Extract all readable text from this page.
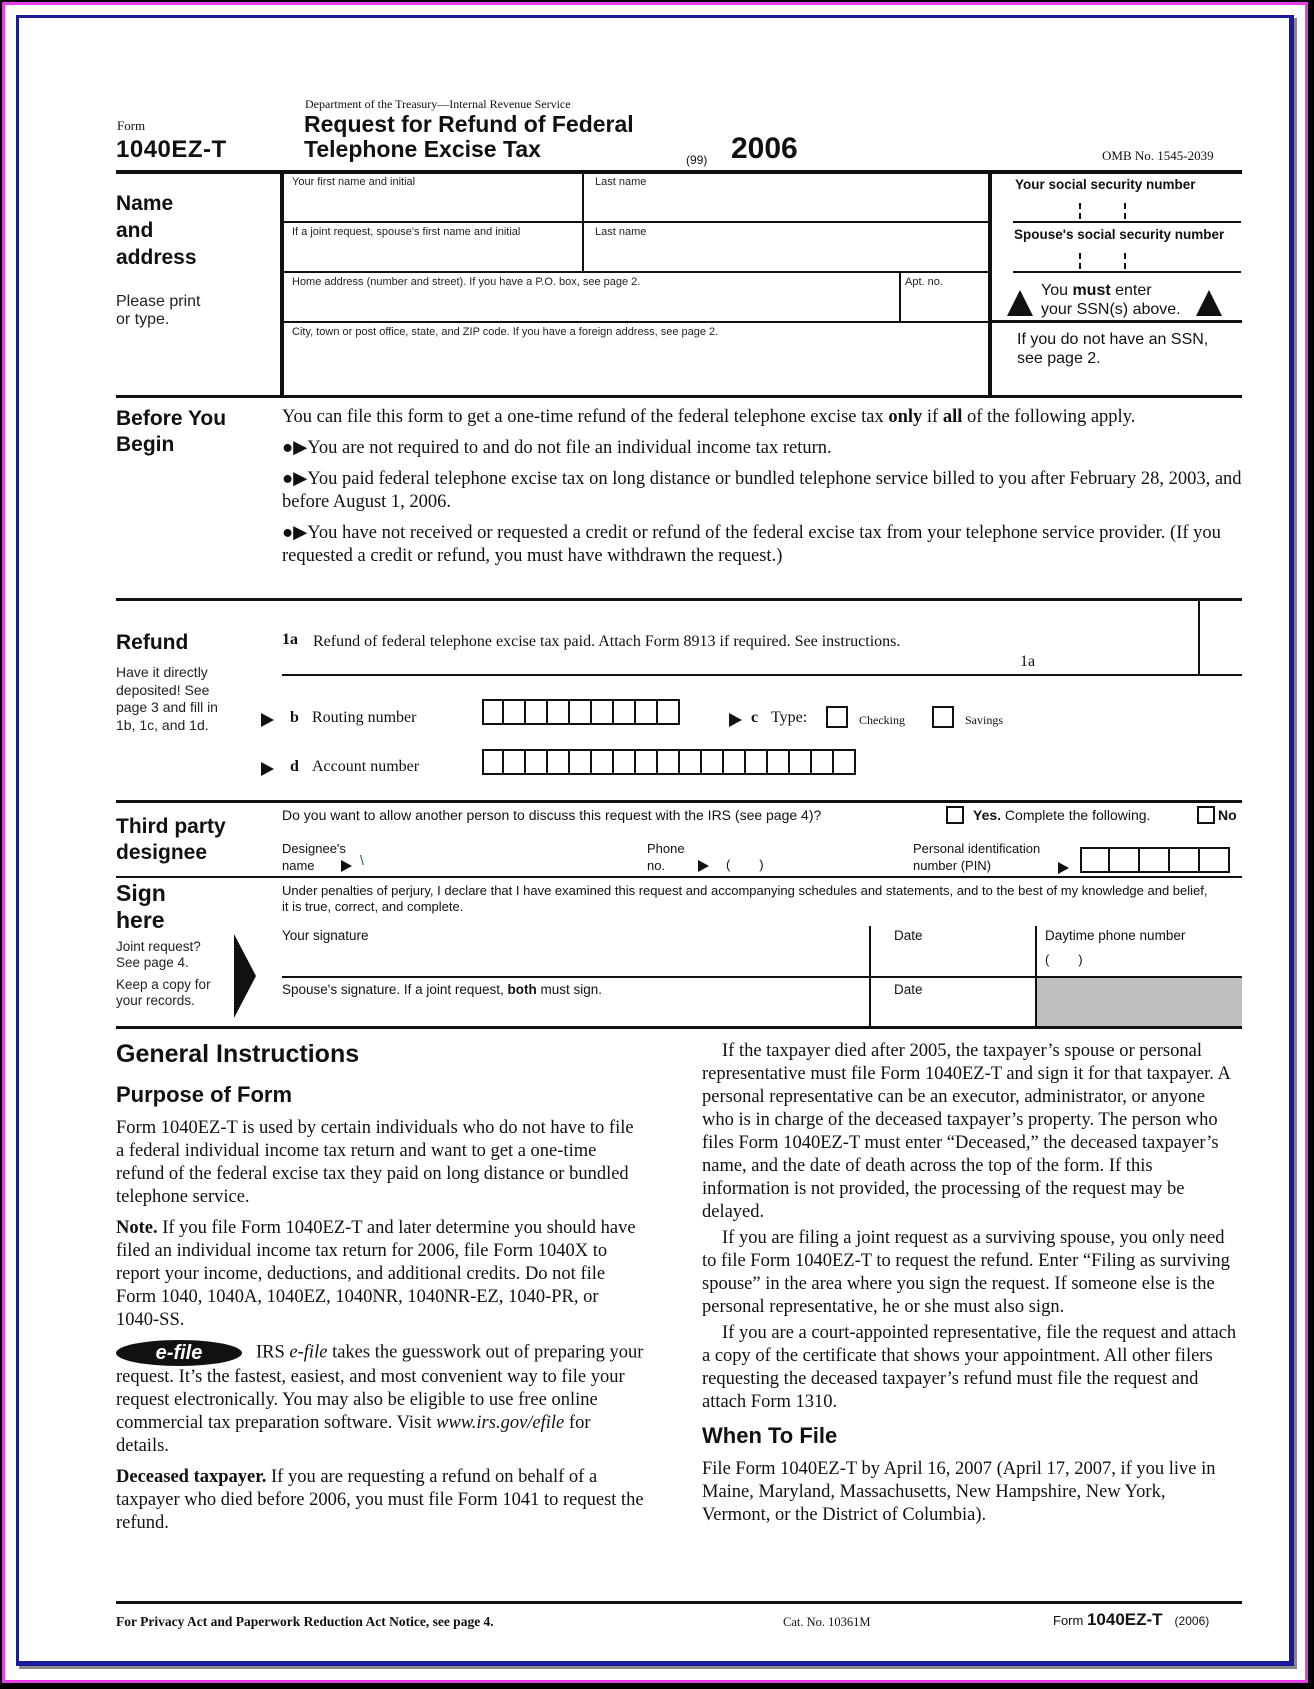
Form
1040EZ-T
Department of the Treasury—Internal Revenue Service
Request for Refund of Federal
Telephone Excise Tax	(99) 2006	OMB No. 1545-2039
Name
and
address
Please print
or type.
Your first name and initial	Last name
If a joint request, spouse's first name and initial	Last name
Home address (number and street). If you have a P.O. box, see page 2.	Apt. no.
City, town or post office, state, and ZIP code. If you have a foreign address, see page 2.
Your social security number
Spouse's social security number
You must enter
your SSN(s) above.
If you do not have an SSN,
see page 2.
Before You
Begin

You can file this form to get a one-time refund of the federal telephone excise tax only if all of the following apply.

●▶You are not required to and do not file an individual income tax return.

●▶You paid federal telephone excise tax on long distance or bundled telephone service billed to you after February 28, 2003, and before August 1, 2006.

●▶You have not received or requested a credit or refund of the federal excise tax from your telephone service provider. (If you requested a credit or refund, you must have withdrawn the request.)

Refund
Have it directly deposited! See page 3 and fill in 1b, 1c, and 1d.
1a Refund of federal telephone excise tax paid. Attach Form 8913 if required. See instructions.
1a
b Routing number	c Type:	Checking	Savings
d Account number
Third party
designee
Do you want to allow another person to discuss this request with the IRS (see page 4)?	Yes. Complete the following.	No
Designee's
name	\
Phone
no.	(        )
Personal identification
number (PIN)
Sign
here
Joint request? See page 4.
Keep a copy for your records.
Under penalties of perjury, I declare that I have examined this request and accompanying schedules and statements, and to the best of my knowledge and belief, it is true, correct, and complete.
Your signature	Date	Daytime phone number
(        )
Spouse's signature. If a joint request, both must sign.	Date
General Instructions
Purpose of Form

Form 1040EZ-T is used by certain individuals who do not have to file a federal individual income tax return and want to get a one-time refund of the federal excise tax they paid on long distance or bundled telephone service.

Note. If you file Form 1040EZ-T and later determine you should have filed an individual income tax return for 2006, file Form 1040X to report your income, deductions, and additional credits. Do not file Form 1040, 1040A, 1040EZ, 1040NR, 1040NR-EZ, 1040-PR, or 1040-SS.

e-file	IRS e-file takes the guesswork out of preparing your request. It’s the fastest, easiest, and most convenient way to file your request electronically. You may also be eligible to use free online commercial tax preparation software. Visit www.irs.gov/efile for details.

Deceased taxpayer. If you are requesting a refund on behalf of a taxpayer who died before 2006, you must file Form 1041 to request the refund.

If the taxpayer died after 2005, the taxpayer’s spouse or personal representative must file Form 1040EZ-T and sign it for that taxpayer. A personal representative can be an executor, administrator, or anyone who is in charge of the deceased taxpayer’s property. The person who files Form 1040EZ-T must enter “Deceased,” the deceased taxpayer’s name, and the date of death across the top of the form. If this information is not provided, the processing of the request may be delayed.

If you are filing a joint request as a surviving spouse, you only need to file Form 1040EZ-T to request the refund. Enter “Filing as surviving spouse” in the area where you sign the request. If someone else is the personal representative, he or she must also sign.

If you are a court-appointed representative, file the request and attach a copy of the certificate that shows your appointment. All other filers requesting the deceased taxpayer’s refund must file the request and attach Form 1310.

When To File

File Form 1040EZ-T by April 16, 2007 (April 17, 2007, if you live in Maine, Maryland, Massachusetts, New Hampshire, New York, Vermont, or the District of Columbia).

For Privacy Act and Paperwork Reduction Act Notice, see page 4.	Cat. No. 10361M	Form 1040EZ-T (2006)
